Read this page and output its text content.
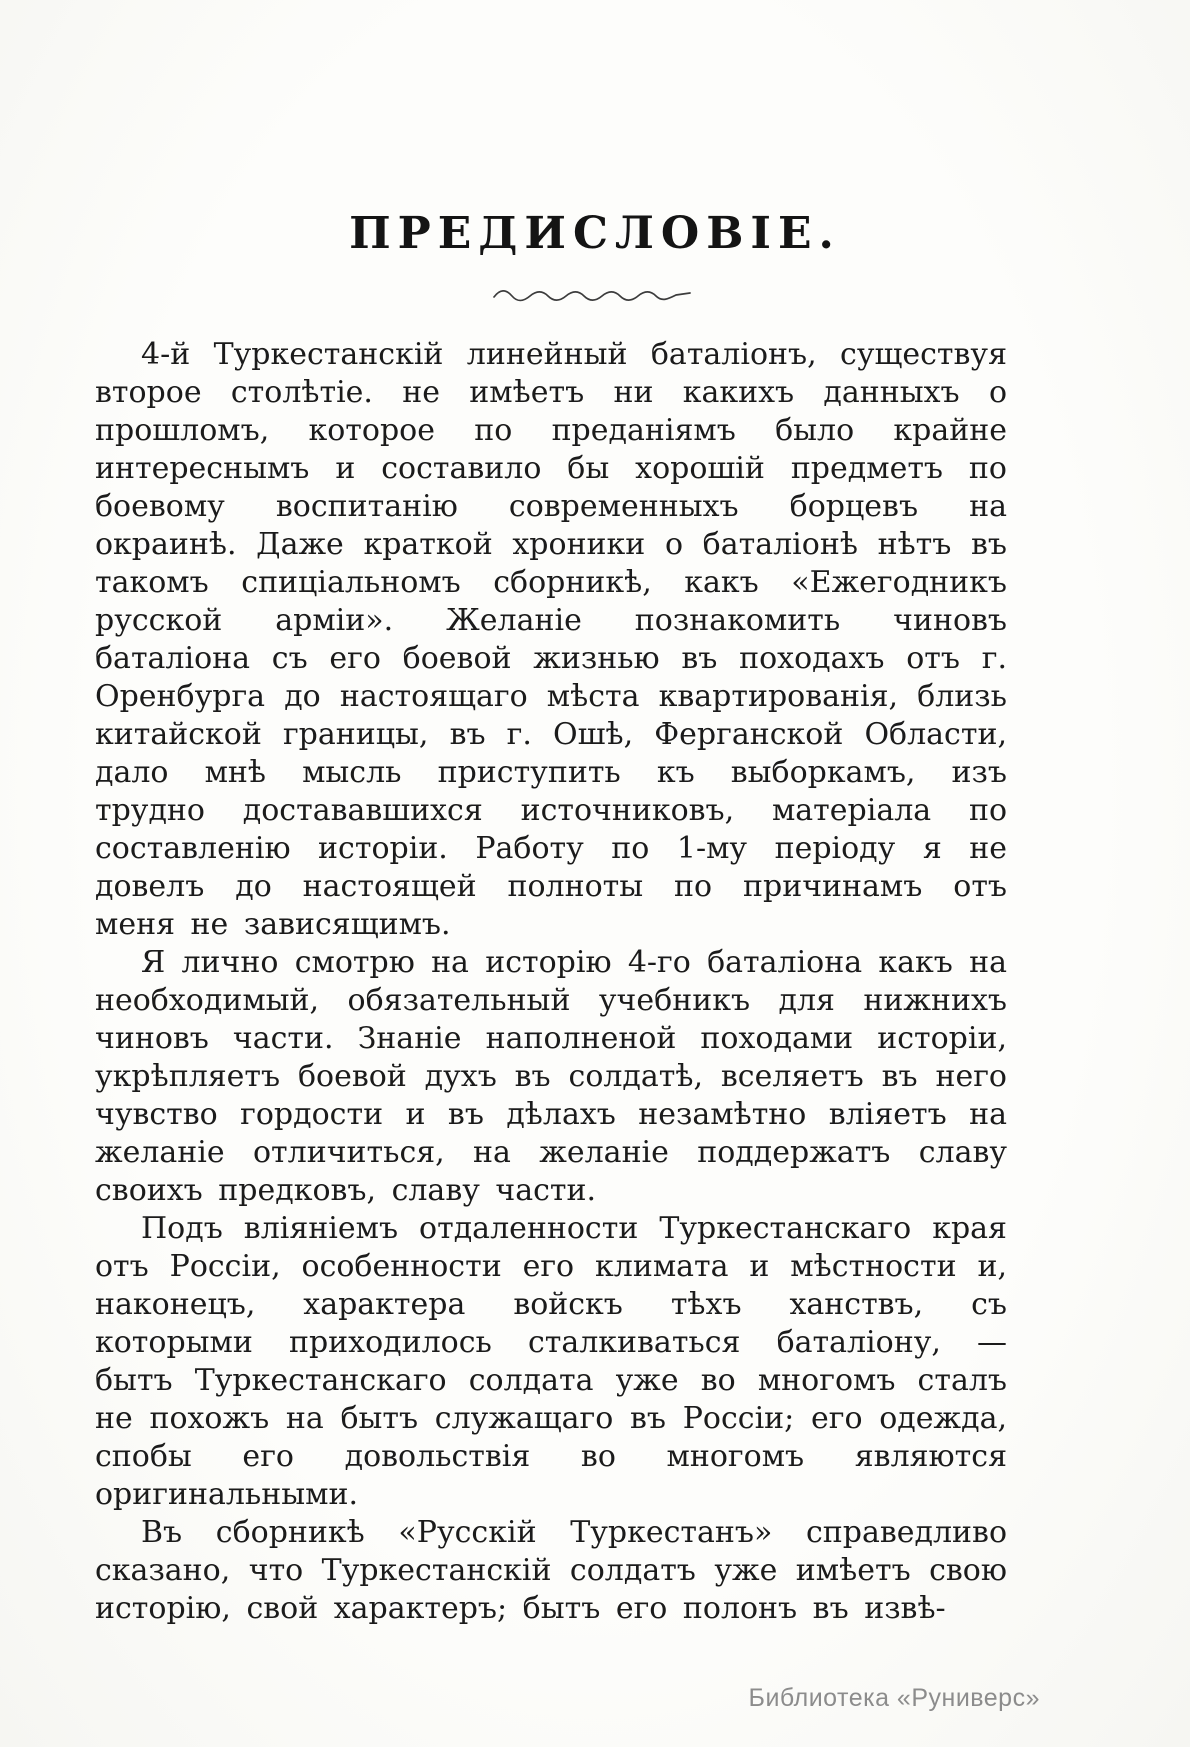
ПРЕДИСЛОВІЕ.

4-й Туркестанскій линейный баталіонъ, существуя второе столѣтіе. не имѣетъ ни какихъ данныхъ о прошломъ, которое по преданіямъ было крайне интереснымъ и составило бы хорошій предметъ по боевому воспитанію современныхъ борцевъ на окраинѣ. Даже краткой хроники о баталіонѣ нѣтъ въ такомъ спиціальномъ сборникѣ, какъ «Ежегодникъ русской арміи». Желаніе познакомить чиновъ баталіона съ его боевой жизнью въ походахъ отъ г. Оренбурга до настоящаго мѣста квартированія, близь китайской границы, въ г. Ошѣ, Ферганской Области, дало мнѣ мысль приступить къ выборкамъ, изъ трудно достававшихся источниковъ, матеріала по составленію исторіи. Работу по 1-му періоду я не довелъ до настоящей полноты по причинамъ отъ меня не зависящимъ.

Я лично смотрю на исторію 4-го баталіона какъ на необходимый, обязательный учебникъ для нижнихъ чиновъ части. Знаніе наполненой походами исторіи, укрѣпляетъ боевой духъ въ солдатѣ, вселяетъ въ него чувство гордости и въ дѣлахъ незамѣтно вліяетъ на желаніе отличиться, на желаніе поддержатъ славу своихъ предковъ, славу части.

Подъ вліяніемъ отдаленности Туркестанскаго края отъ Россіи, особенности его климата и мѣстности и, наконецъ, характера войскъ тѣхъ ханствъ, съ которыми приходилось сталкиваться баталіону, — бытъ Туркестанскаго солдата уже во многомъ сталъ не похожъ на бытъ служащаго въ Россіи; его одежда, спобы его довольствія во многомъ являются оригинальными.

Въ сборникѣ «Русскій Туркестанъ» справедливо сказано, что Туркестанскій солдатъ уже имѣетъ свою исторію, свой характеръ; бытъ его полонъ въ извѣ-

Библиотека «Руниверс»
